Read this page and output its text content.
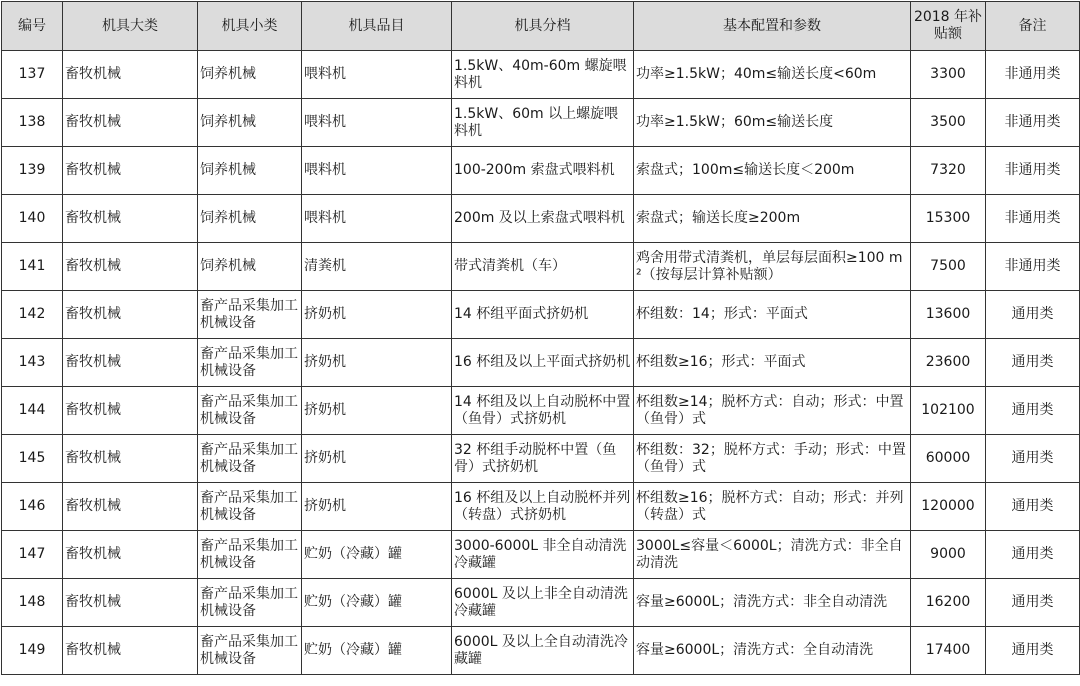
编号	机具大类	机具小类	机具品目	机具分档	基本配置和参数	2018 年补贴额	备注
137	畜牧机械	饲养机械	喂料机	1.5kW、40m-60m 螺旋喂料机	功率≥1.5kW；40m≤输送长度<60m	3300	非通用类
138	畜牧机械	饲养机械	喂料机	1.5kW、60m 以上螺旋喂料机	功率≥1.5kW；60m≤输送长度	3500	非通用类
139	畜牧机械	饲养机械	喂料机	100-200m 索盘式喂料机	索盘式；100m≤输送长度＜200m	7320	非通用类
140	畜牧机械	饲养机械	喂料机	200m 及以上索盘式喂料机	索盘式；输送长度≥200m	15300	非通用类
141	畜牧机械	饲养机械	清粪机	带式清粪机（车）	鸡舍用带式清粪机，单层每层面积≥100 m²（按每层计算补贴额）	7500	非通用类
142	畜牧机械	畜产品采集加工机械设备	挤奶机	14 杯组平面式挤奶机	杯组数：14；形式：平面式	13600	通用类
143	畜牧机械	畜产品采集加工机械设备	挤奶机	16 杯组及以上平面式挤奶机	杯组数≥16；形式：平面式	23600	通用类
144	畜牧机械	畜产品采集加工机械设备	挤奶机	14 杯组及以上自动脱杯中置（鱼骨）式挤奶机	杯组数≥14；脱杯方式：自动；形式：中置（鱼骨）式	102100	通用类
145	畜牧机械	畜产品采集加工机械设备	挤奶机	32 杯组手动脱杯中置（鱼骨）式挤奶机	杯组数：32；脱杯方式：手动；形式：中置（鱼骨）式	60000	通用类
146	畜牧机械	畜产品采集加工机械设备	挤奶机	16 杯组及以上自动脱杯并列（转盘）式挤奶机	杯组数≥16；脱杯方式：自动；形式：并列（转盘）式	120000	通用类
147	畜牧机械	畜产品采集加工机械设备	贮奶（冷藏）罐	3000-6000L 非全自动清洗冷藏罐	3000L≤容量＜6000L；清洗方式：非全自动清洗	9000	通用类
148	畜牧机械	畜产品采集加工机械设备	贮奶（冷藏）罐	6000L 及以上非全自动清洗冷藏罐	容量≥6000L；清洗方式：非全自动清洗	16200	通用类
149	畜牧机械	畜产品采集加工机械设备	贮奶（冷藏）罐	6000L 及以上全自动清洗冷藏罐	容量≥6000L；清洗方式：全自动清洗	17400	通用类
